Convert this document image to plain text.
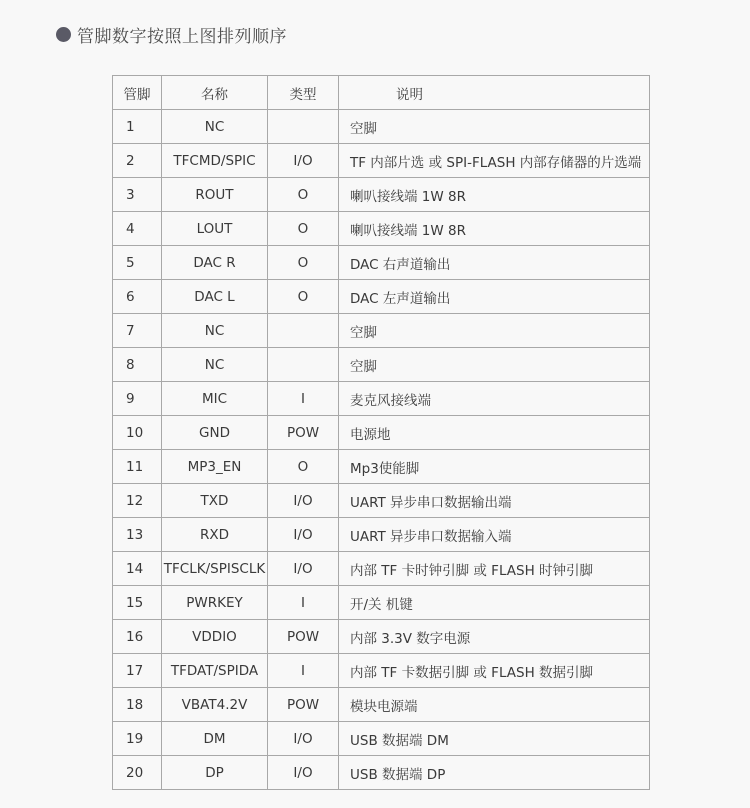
管脚数字按照上图排列顺序
管脚	名称	类型	说明
1	NC		空脚
2	TFCMD/SPIC	I/O	TF 内部片选 或 SPI-FLASH 内部存储器的片选端
3	ROUT	O	喇叭接线端 1W 8R
4	LOUT	O	喇叭接线端 1W 8R
5	DAC R	O	DAC 右声道输出
6	DAC L	O	DAC 左声道输出
7	NC		空脚
8	NC		空脚
9	MIC	I	麦克风接线端
10	GND	POW	电源地
11	MP3_EN	O	Mp3使能脚
12	TXD	I/O	UART 异步串口数据输出端
13	RXD	I/O	UART 异步串口数据输入端
14	TFCLK/SPISCLK	I/O	内部 TF 卡时钟引脚 或 FLASH 时钟引脚
15	PWRKEY	I	开/关 机键
16	VDDIO	POW	内部 3.3V 数字电源
17	TFDAT/SPIDA	I	内部 TF 卡数据引脚 或 FLASH 数据引脚
18	VBAT4.2V	POW	模块电源端
19	DM	I/O	USB 数据端 DM
20	DP	I/O	USB 数据端 DP
